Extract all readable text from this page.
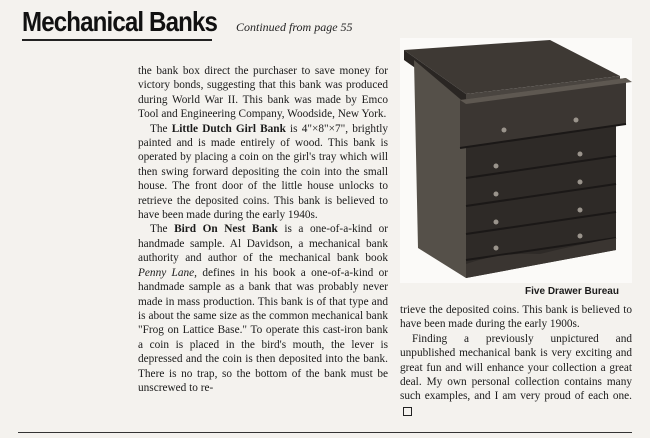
Mechanical Banks Continued from page 55

the bank box direct the purchaser to save money for victory bonds, suggesting that this bank was produced during World War II. This bank was made by Emco Tool and Engineering Company, Woodside, New York.

The Little Dutch Girl Bank is 4"×8"×7", brightly painted and is made entirely of wood. This bank is operated by placing a coin on the girl's tray which will then swing forward depositing the coin into the small house. The front door of the little house unlocks to retrieve the deposited coins. This bank is believed to have been made during the early 1940s.

The Bird On Nest Bank is a one-of-a-kind or handmade sample. Al Davidson, a mechanical bank authority and author of the mechanical bank book Penny Lane, defines in his book a one-of-a-kind or handmade sample as a bank that was probably never made in mass production. This bank is of that type and is about the same size as the common mechanical bank "Frog on Lattice Base." To operate this cast-iron bank a coin is placed in the bird's mouth, the lever is depressed and the coin is then deposited into the bank. There is no trap, so the bottom of the bank must be unscrewed to re-

Five Drawer Bureau

trieve the deposited coins. This bank is believed to have been made during the early 1900s.

Finding a previously unpictured and unpublished mechanical bank is very exciting and great fun and will enhance your collection a great deal. My own personal collection contains many such examples, and I am very proud of each one.
